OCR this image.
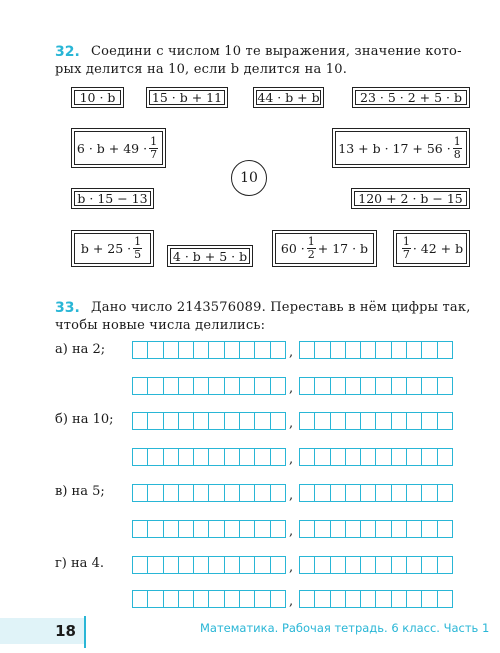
32. Соедини с числом 10 те выражения, значение кото-
рых делится на 10, если b делится на 10.
10 · b	15 · b + 11	44 · b + b	23 · 5 · 2 + 5 · b
$6 \cdot b + 49 \cdot \frac{1}{7}$	$13 + b \cdot 17 + 56 \cdot \frac{1}{8}$
10
b · 15 − 13	120 + 2 · b − 15
$b + 25 \cdot \frac{1}{5} 4 \cdot b + 5 \cdot b$	$60 \cdot \frac{1}{2} + 17 \cdot b$	$\frac{1}{7} \cdot 42 + b$
33. Дано число 2143576089. Переставь в нём цифры так,
чтобы новые числа делились:
а) на 2;
б) на 10;
в) на 5;
г) на 4.
,
,
,
,
,
,
,
,
18	Математика. Рабочая тетрадь. 6 класс. Часть 1
